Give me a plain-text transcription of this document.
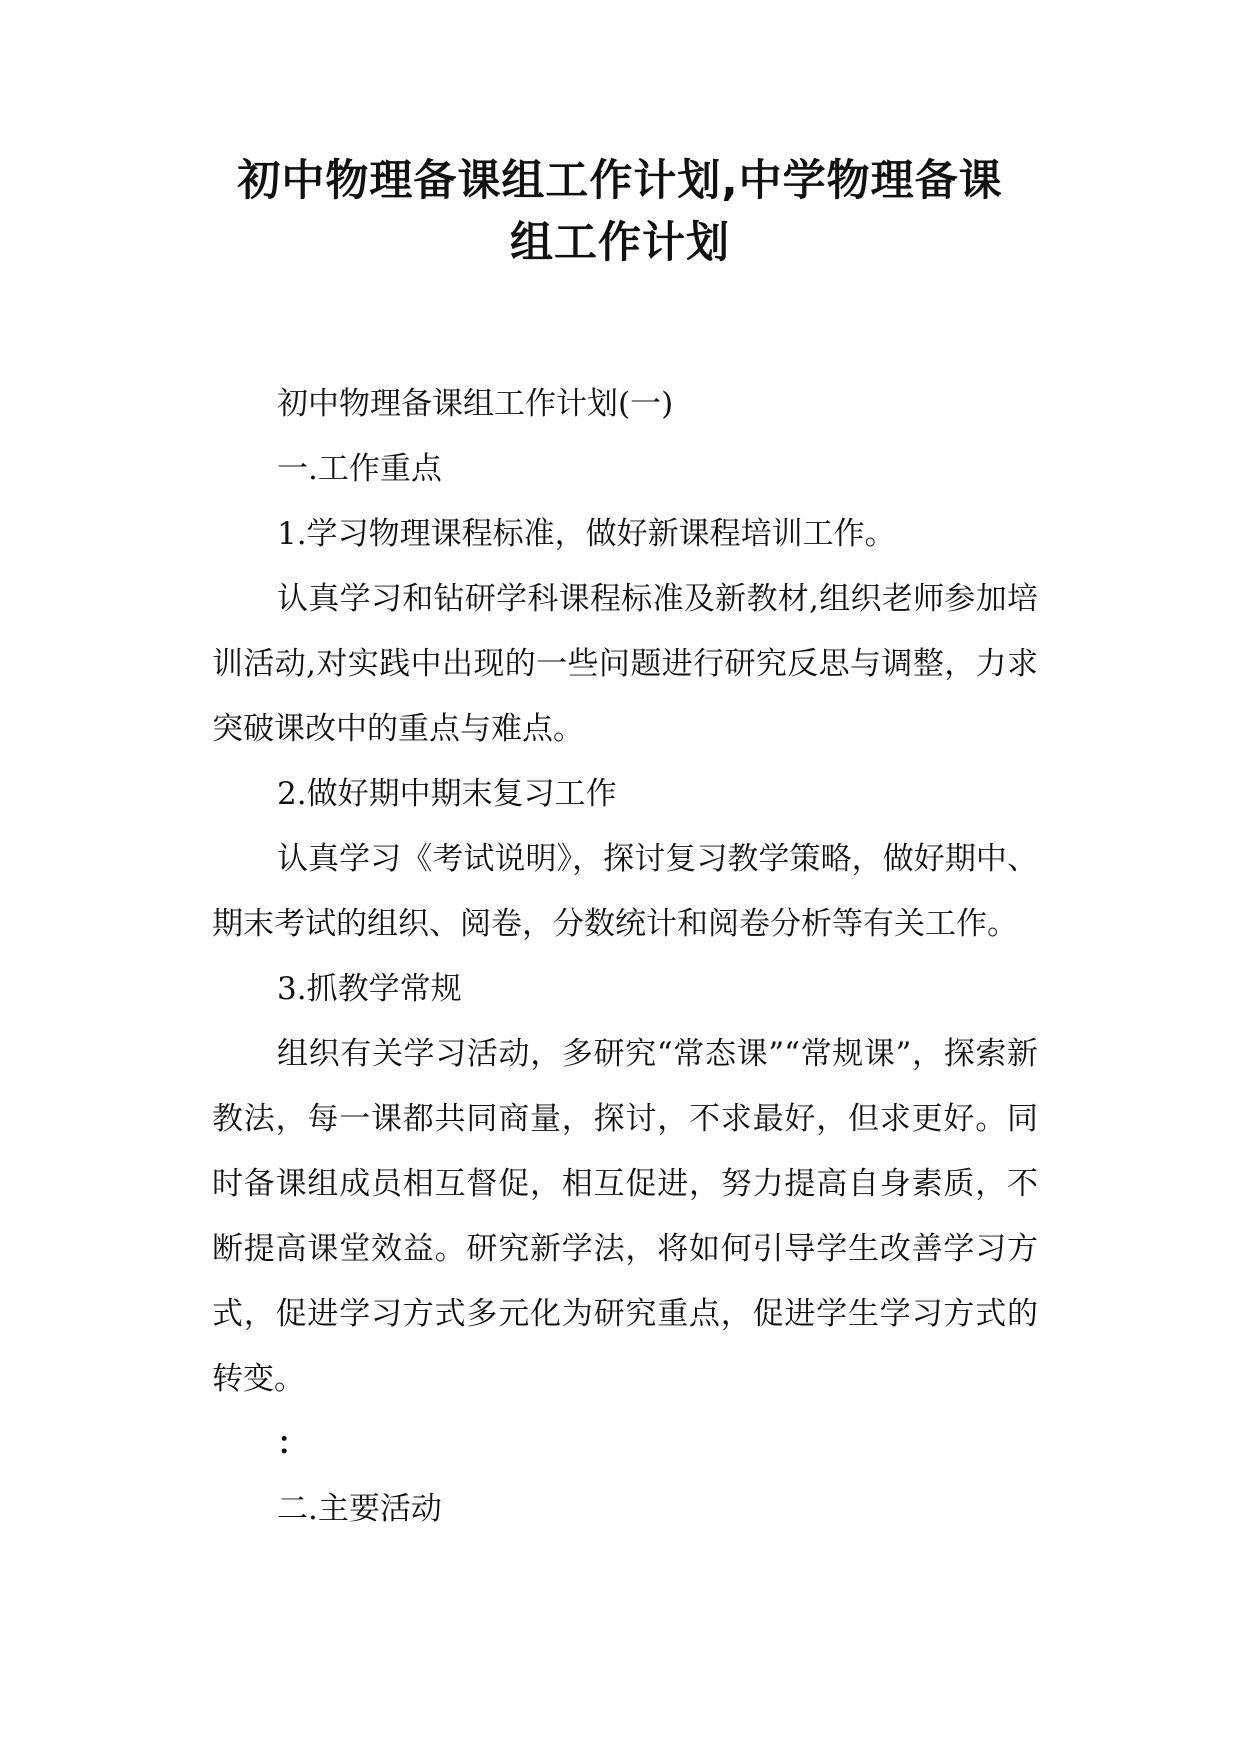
初中物理备课组工作计划,中学物理备课
组工作计划

初中物理备课组工作计划(一)

一.工作重点

1.学习物理课程标准，做好新课程培训工作。

认真学习和钻研学科课程标准及新教材,组织老师参加培训活动,对实践中出现的一些问题进行研究反思与调整，力求突破课改中的重点与难点。

2.做好期中期末复习工作

认真学习《考试说明》，探讨复习教学策略，做好期中、期末考试的组织、阅卷，分数统计和阅卷分析等有关工作。

3.抓教学常规

组织有关学习活动，多研究“常态课”“常规课”，探索新教法，每一课都共同商量，探讨，不求最好，但求更好。同时备课组成员相互督促，相互促进，努力提高自身素质，不断提高课堂效益。研究新学法，将如何引导学生改善学习方式，促进学习方式多元化为研究重点，促进学生学习方式的转变。

：

二.主要活动
